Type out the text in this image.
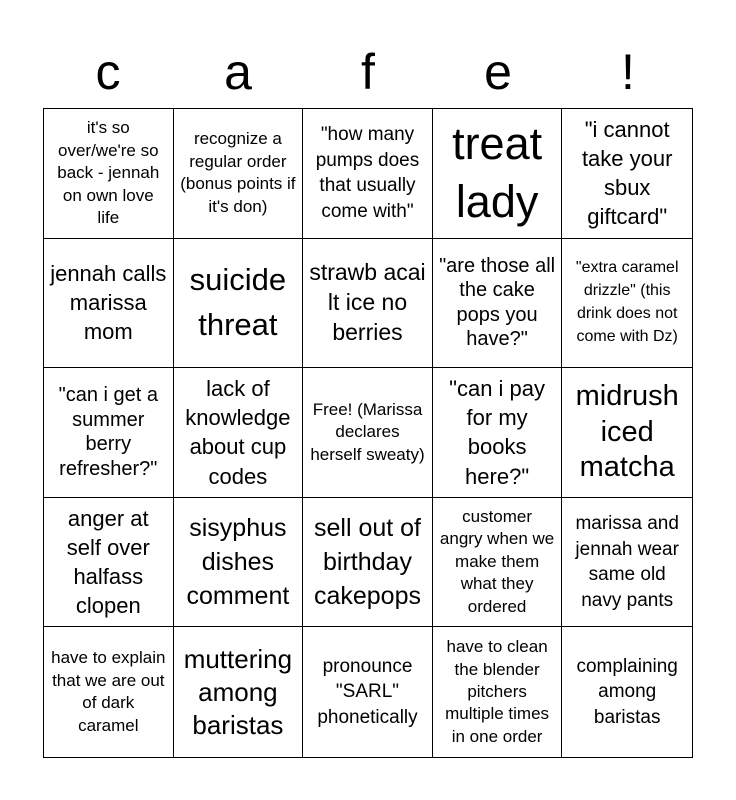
c	a	f	e	!
it's so over/we're so back - jennah on own love life
recognize a regular order (bonus points if it's don)
"how many pumps does that usually come with"
treat lady
"i cannot take your sbux giftcard"
jennah calls marissa mom
suicide threat
strawb acai lt ice no berries
"are those all the cake pops you have?"
"extra caramel drizzle" (this drink does not come with Dz)
"can i get a summer berry refresher?"
lack of knowledge about cup codes
Free! (Marissa declares herself sweaty)
"can i pay for my books here?"
midrush iced matcha
anger at self over halfass clopen
sisyphus dishes comment
sell out of birthday cakepops
customer angry when we make them what they ordered
marissa and jennah wear same old navy pants
have to explain that we are out of dark caramel
muttering among baristas
pronounce "SARL" phonetically
have to clean the blender pitchers multiple times in one order
complaining among baristas
